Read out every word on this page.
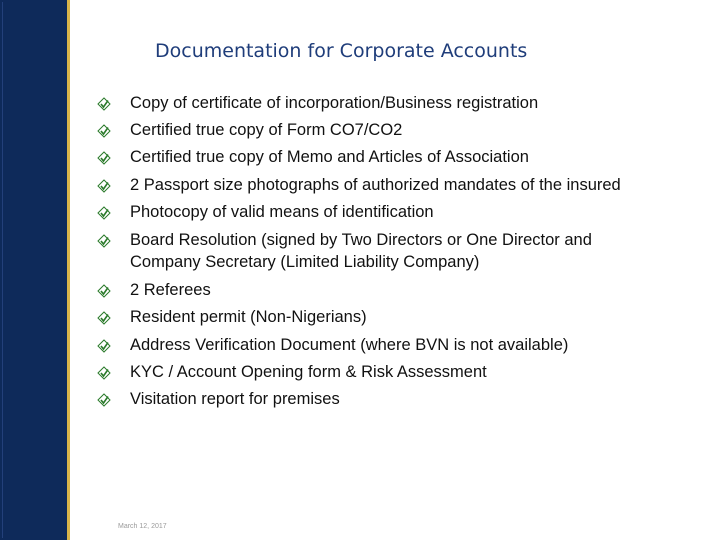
Documentation for Corporate Accounts
Copy of certificate of incorporation/Business registration
Certified true copy of Form CO7/CO2
Certified true copy of Memo and Articles of Association
2 Passport size photographs of authorized mandates of the insured
Photocopy of valid means of identification
Board Resolution (signed by Two Directors or One Director and Company Secretary (Limited Liability Company)
2 Referees
Resident permit (Non-Nigerians)
Address Verification Document (where BVN is not available)
KYC / Account Opening form & Risk Assessment
Visitation report for premises
March 12, 2017
